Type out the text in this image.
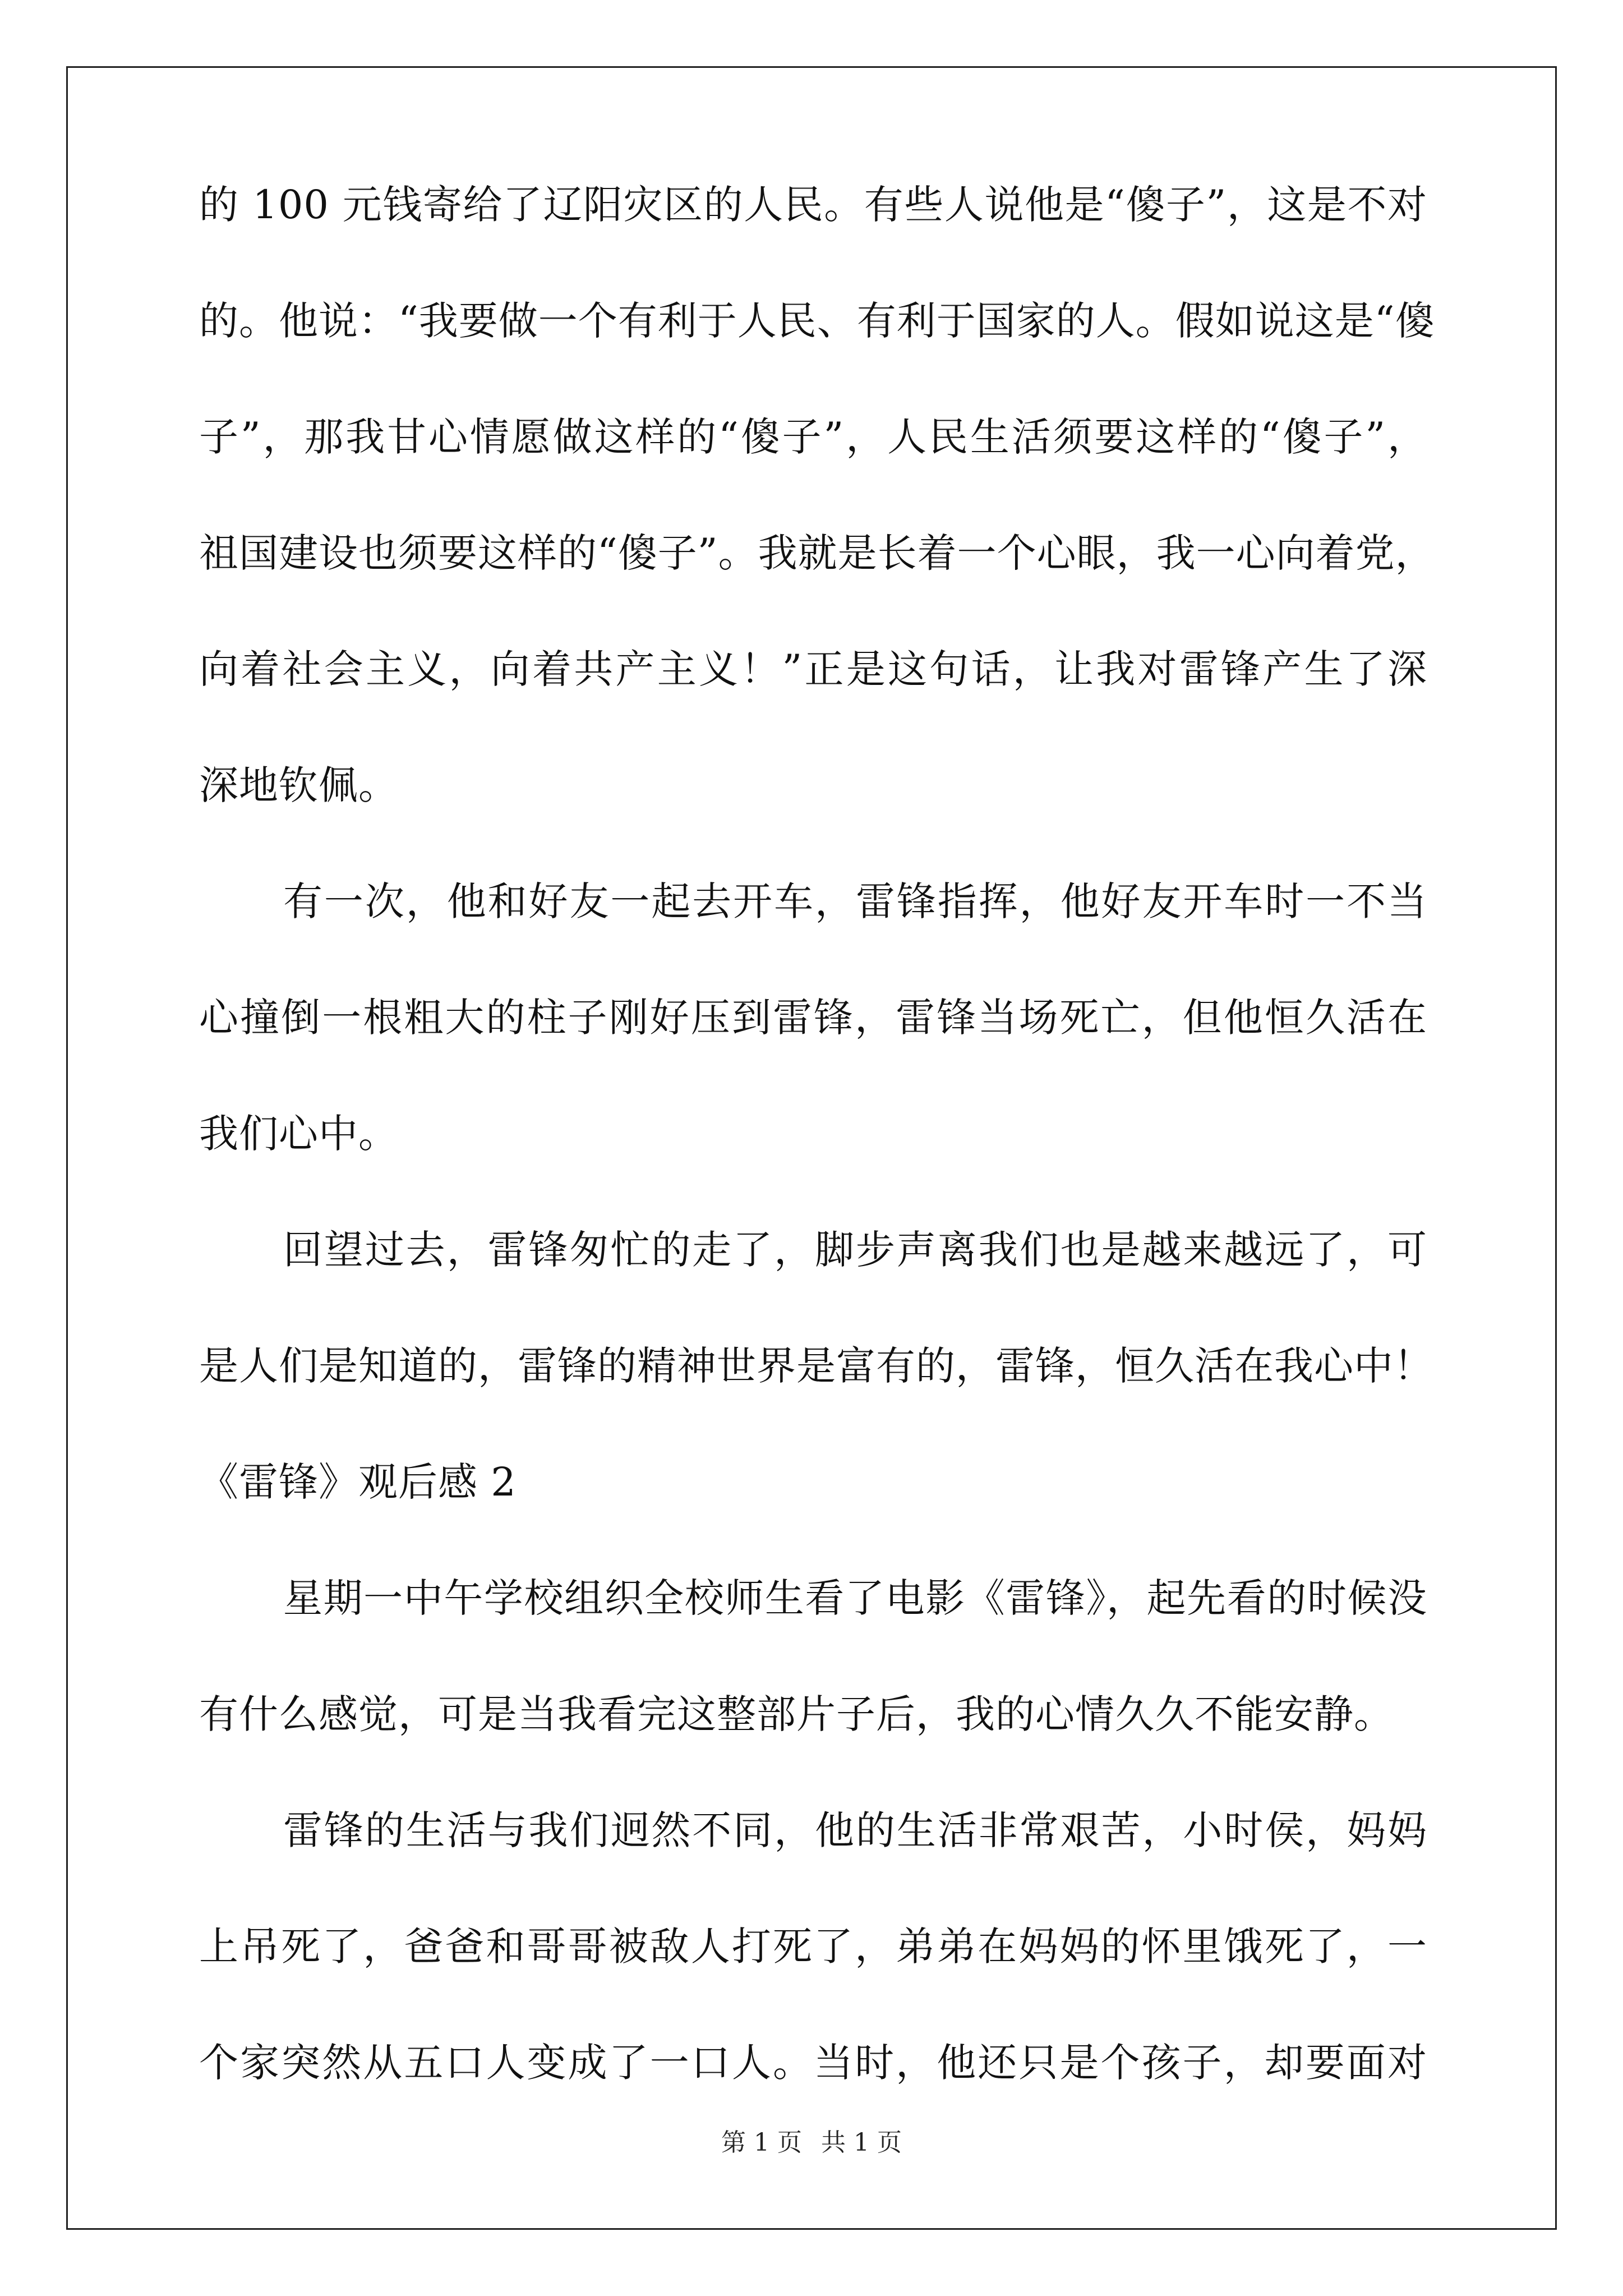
的 100 元钱寄给了辽阳灾区的人民。有些人说他是“傻子”，这是不对
的。他说：“我要做一个有利于人民、有利于国家的人。假如说这是“傻
子”，那我甘心情愿做这样的“傻子”，人民生活须要这样的“傻子”，
祖国建设也须要这样的“傻子”。我就是长着一个心眼，我一心向着党，
向着社会主义，向着共产主义！”正是这句话，让我对雷锋产生了深
深地钦佩。
有一次，他和好友一起去开车，雷锋指挥，他好友开车时一不当
心撞倒一根粗大的柱子刚好压到雷锋，雷锋当场死亡，但他恒久活在
我们心中。
回望过去，雷锋匆忙的走了，脚步声离我们也是越来越远了，可
是人们是知道的，雷锋的精神世界是富有的，雷锋，恒久活在我心中！
《雷锋》观后感 2
星期一中午学校组织全校师生看了电影《雷锋》，起先看的时候没
有什么感觉，可是当我看完这整部片子后，我的心情久久不能安静。
雷锋的生活与我们迥然不同，他的生活非常艰苦，小时侯，妈妈
上吊死了，爸爸和哥哥被敌人打死了，弟弟在妈妈的怀里饿死了，一
个家突然从五口人变成了一口人。当时，他还只是个孩子，却要面对
第 1 页 共 1 页
